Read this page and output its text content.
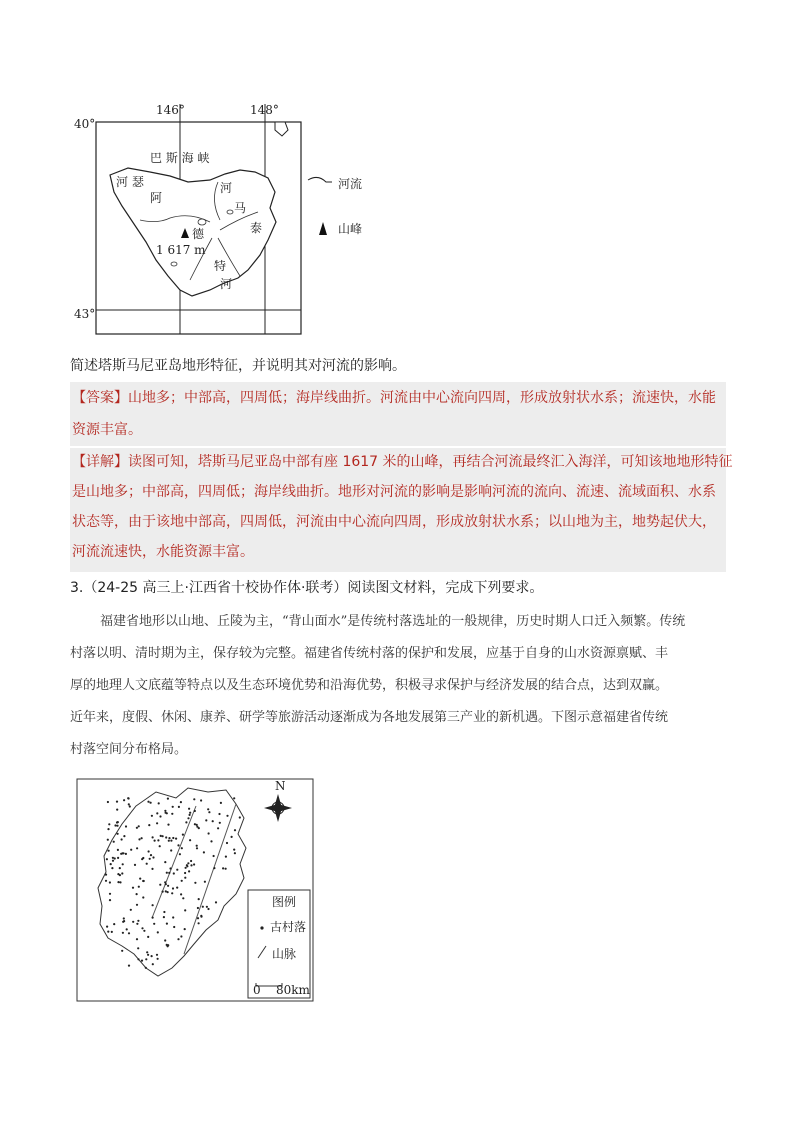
146°	148°
40°
43°
巴 斯 海 峡
河 瑟
阿
河
马
泰
特
河
德
1 617 m
河流
山峰
简述塔斯马尼亚岛地形特征，并说明其对河流的影响。
【答案】山地多；中部高，四周低；海岸线曲折。河流由中心流向四周，形成放射状水系；流速快，水能
资源丰富。
【详解】读图可知，塔斯马尼亚岛中部有座 1617 米的山峰，再结合河流最终汇入海洋，可知该地地形特征
是山地多；中部高，四周低；海岸线曲折。地形对河流的影响是影响河流的流向、流速、流域面积、水系
状态等，由于该地中部高，四周低，河流由中心流向四周，形成放射状水系；以山地为主，地势起伏大，
河流流速快，水能资源丰富。
3.（24-25 高三上·江西省十校协作体·联考）阅读图文材料，完成下列要求。
福建省地形以山地、丘陵为主，“背山面水”是传统村落选址的一般规律，历史时期人口迁入频繁。传统
村落以明、清时期为主，保存较为完整。福建省传统村落的保护和发展，应基于自身的山水资源禀赋、丰
厚的地理人文底蕴等特点以及生态环境优势和沿海优势，积极寻求保护与经济发展的结合点，达到双赢。
近年来，度假、休闲、康养、研学等旅游活动逐渐成为各地发展第三产业的新机遇。下图示意福建省传统
村落空间分布格局。
N
图例
古村落
山脉
0 80km
